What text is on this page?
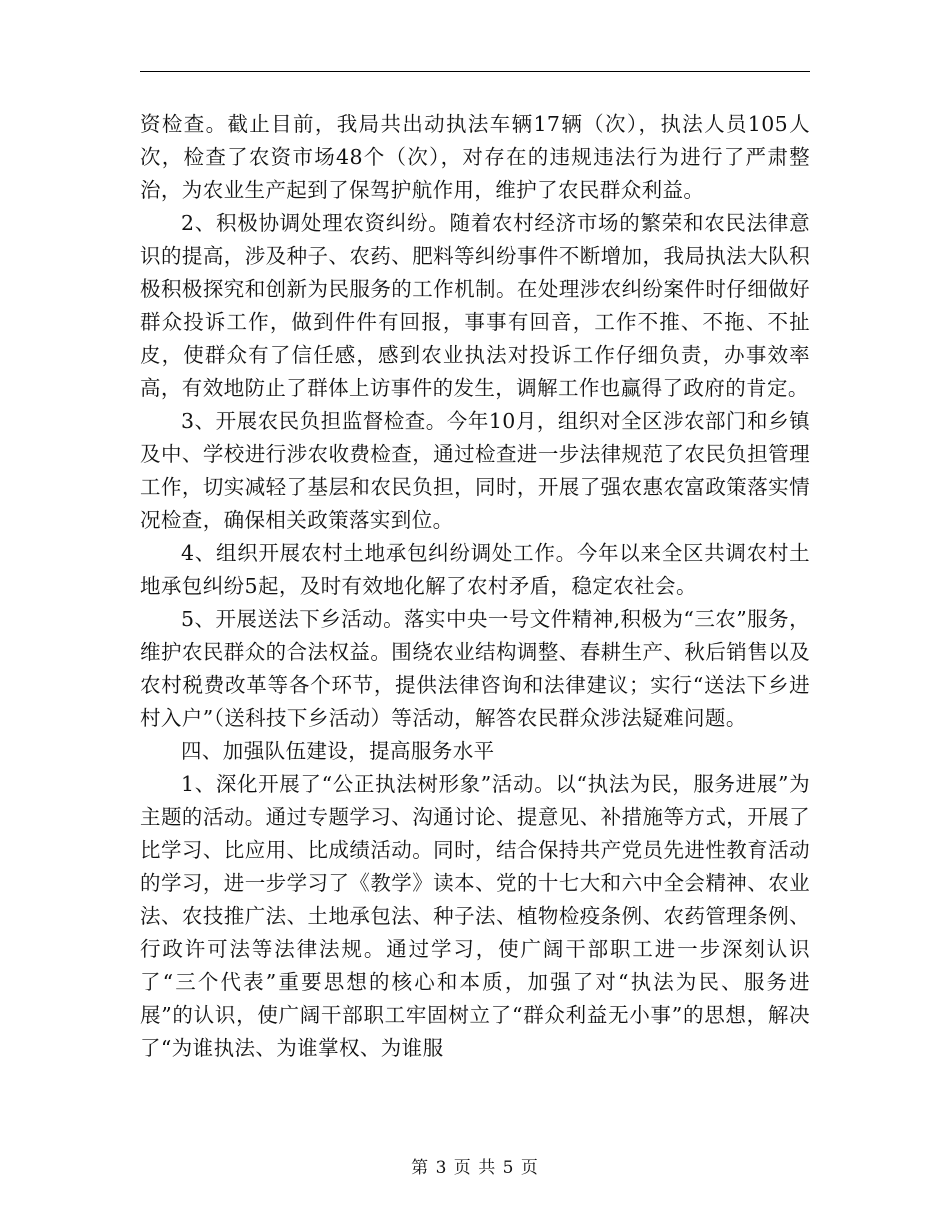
资检查。截止目前，我局共出动执法车辆17辆（次），执法人员105人次，检查了农资市场48个（次），对存在的违规违法行为进行了严肃整治，为农业生产起到了保驾护航作用，维护了农民群众利益。

2、积极协调处理农资纠纷。随着农村经济市场的繁荣和农民法律意识的提高，涉及种子、农药、肥料等纠纷事件不断增加，我局执法大队积极积极探究和创新为民服务的工作机制。在处理涉农纠纷案件时仔细做好群众投诉工作，做到件件有回报，事事有回音，工作不推、不拖、不扯皮，使群众有了信任感，感到农业执法对投诉工作仔细负责，办事效率高，有效地防止了群体上访事件的发生，调解工作也赢得了政府的肯定。

3、开展农民负担监督检查。今年10月，组织对全区涉农部门和乡镇及中、学校进行涉农收费检查，通过检查进一步法律规范了农民负担管理工作，切实减轻了基层和农民负担，同时，开展了强农惠农富政策落实情况检查，确保相关政策落实到位。

4、组织开展农村土地承包纠纷调处工作。今年以来全区共调农村土地承包纠纷5起，及时有效地化解了农村矛盾，稳定农社会。

5、开展送法下乡活动。落实中央一号文件精神,积极为“三农”服务，维护农民群众的合法权益。围绕农业结构调整、春耕生产、秋后销售以及农村税费改革等各个环节，提供法律咨询和法律建议；实行“送法下乡进村入户”（送科技下乡活动）等活动，解答农民群众涉法疑难问题。

四、加强队伍建设，提高服务水平

1、深化开展了“公正执法树形象”活动。以“执法为民，服务进展”为主题的活动。通过专题学习、沟通讨论、提意见、补措施等方式，开展了比学习、比应用、比成绩活动。同时，结合保持共产党员先进性教育活动的学习，进一步学习了《教学》读本、党的十七大和六中全会精神、农业法、农技推广法、土地承包法、种子法、植物检疫条例、农药管理条例、行政许可法等法律法规。通过学习，使广阔干部职工进一步深刻认识了“三个代表”重要思想的核心和本质，加强了对“执法为民、服务进展”的认识，使广阔干部职工牢固树立了“群众利益无小事”的思想，解决了“为谁执法、为谁掌权、为谁服

第 3 页 共 5 页
